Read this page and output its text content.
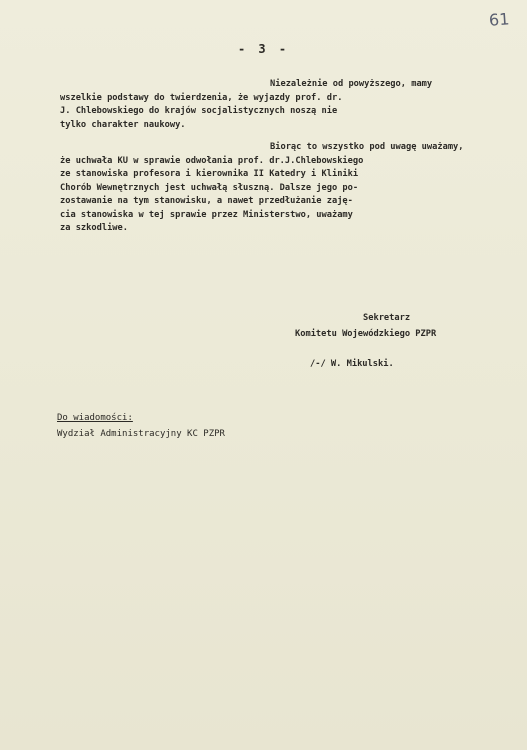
61
- 3 -

Niezależnie od powyższego, mamy
wszelkie podstawy do twierdzenia, że wyjazdy prof. dr.
J. Chlebowskiego do krajów socjalistycznych noszą nie
tylko charakter naukowy.

Biorąc to wszystko pod uwagę uważamy,
że uchwała KU w sprawie odwołania prof. dr.J.Chlebowskiego
ze stanowiska profesora i kierownika II Katedry i Kliniki
Chorób Wewnętrznych jest uchwałą słuszną. Dalsze jego po-
zostawanie na tym stanowisku, a nawet przedłużanie zaję-
cia stanowiska w tej sprawie przez Ministerstwo, uważamy
za szkodliwe.

Sekretarz
Komitetu Wojewódzkiego PZPR
/-/ W. Mikulski.
Do wiadomości:
Wydział Administracyjny KC PZPR
